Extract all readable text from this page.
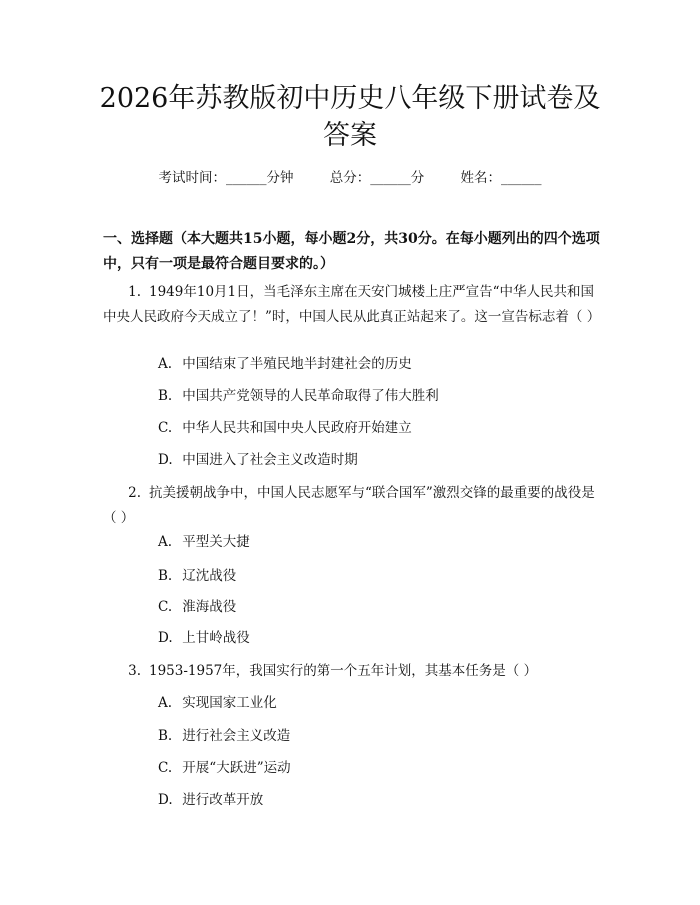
2026年苏教版初中历史八年级下册试卷及答案
考试时间：______分钟	总分：______分	姓名：______
一、选择题（本大题共15小题，每小题2分，共30分。在每小题列出的四个选项中，只有一项是最符合题目要求的。）
1. 1949年10月1日，当毛泽东主席在天安门城楼上庄严宣告“中华人民共和国中央人民政府今天成立了！”时，中国人民从此真正站起来了。这一宣告标志着（ ）
A. 中国结束了半殖民地半封建社会的历史
B. 中国共产党领导的人民革命取得了伟大胜利
C. 中华人民共和国中央人民政府开始建立
D. 中国进入了社会主义改造时期
2. 抗美援朝战争中，中国人民志愿军与“联合国军”激烈交锋的最重要的战役是（ ）
A. 平型关大捷
B. 辽沈战役
C. 淮海战役
D. 上甘岭战役
3. 1953-1957年，我国实行的第一个五年计划，其基本任务是（ ）
A. 实现国家工业化
B. 进行社会主义改造
C. 开展“大跃进”运动
D. 进行改革开放
